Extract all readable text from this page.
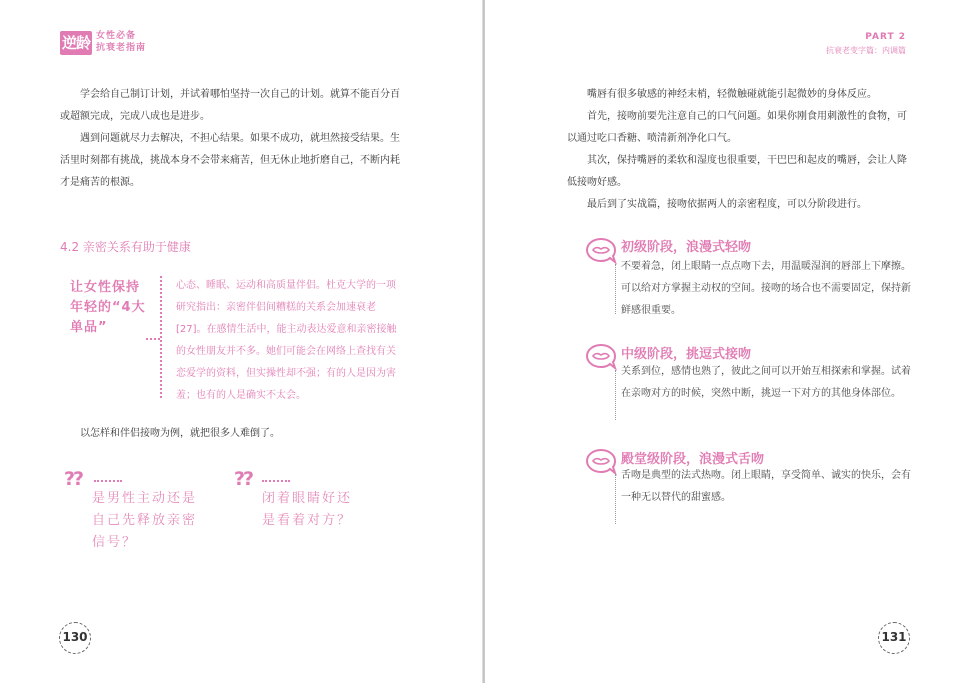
逆龄 女性必备
抗衰老指南

学会给自己制订计划，并试着哪怕坚持一次自己的计划。就算不能百分百或超额完成，完成八成也是进步。

遇到问题就尽力去解决，不担心结果。如果不成功，就坦然接受结果。生活里时刻都有挑战，挑战本身不会带来痛苦，但无休止地折磨自己，不断内耗才是痛苦的根源。

4.2 亲密关系有助于健康
让女性保持年轻的“4大单品”
心态、睡眠、运动和高质量伴侣。杜克大学的一项研究指出：亲密伴侣间糟糕的关系会加速衰老[27]。在感情生活中，能主动表达爱意和亲密接触的女性朋友并不多。她们可能会在网络上查找有关恋爱学的资料，但实操性却不强；有的人是因为害羞；也有的人是确实不太会。

以怎样和伴侣接吻为例，就把很多人难倒了。

??
是男性主动还是自己先释放亲密信号？
??
闭着眼睛好还是看着对方？
130
PART 2
抗衰老变字篇：内调篇

嘴唇有很多敏感的神经末梢，轻微触碰就能引起微妙的身体反应。

首先，接吻前要先注意自己的口气问题。如果你刚食用刺激性的食物，可以通过吃口香糖、喷清新剂净化口气。

其次，保持嘴唇的柔软和湿度也很重要，干巴巴和起皮的嘴唇，会让人降低接吻好感。

最后到了实战篇，接吻依据两人的亲密程度，可以分阶段进行。

初级阶段，浪漫式轻吻
不要着急，闭上眼睛一点点吻下去，用温暖湿润的唇部上下摩擦。可以给对方掌握主动权的空间。接吻的场合也不需要固定，保持新鲜感很重要。
中级阶段，挑逗式接吻
关系到位，感情也熟了，彼此之间可以开始互相探索和掌握。试着在亲吻对方的时候，突然中断，挑逗一下对方的其他身体部位。
殿堂级阶段，浪漫式舌吻
舌吻是典型的法式热吻。闭上眼睛，享受简单、诚实的快乐，会有一种无以替代的甜蜜感。
131
